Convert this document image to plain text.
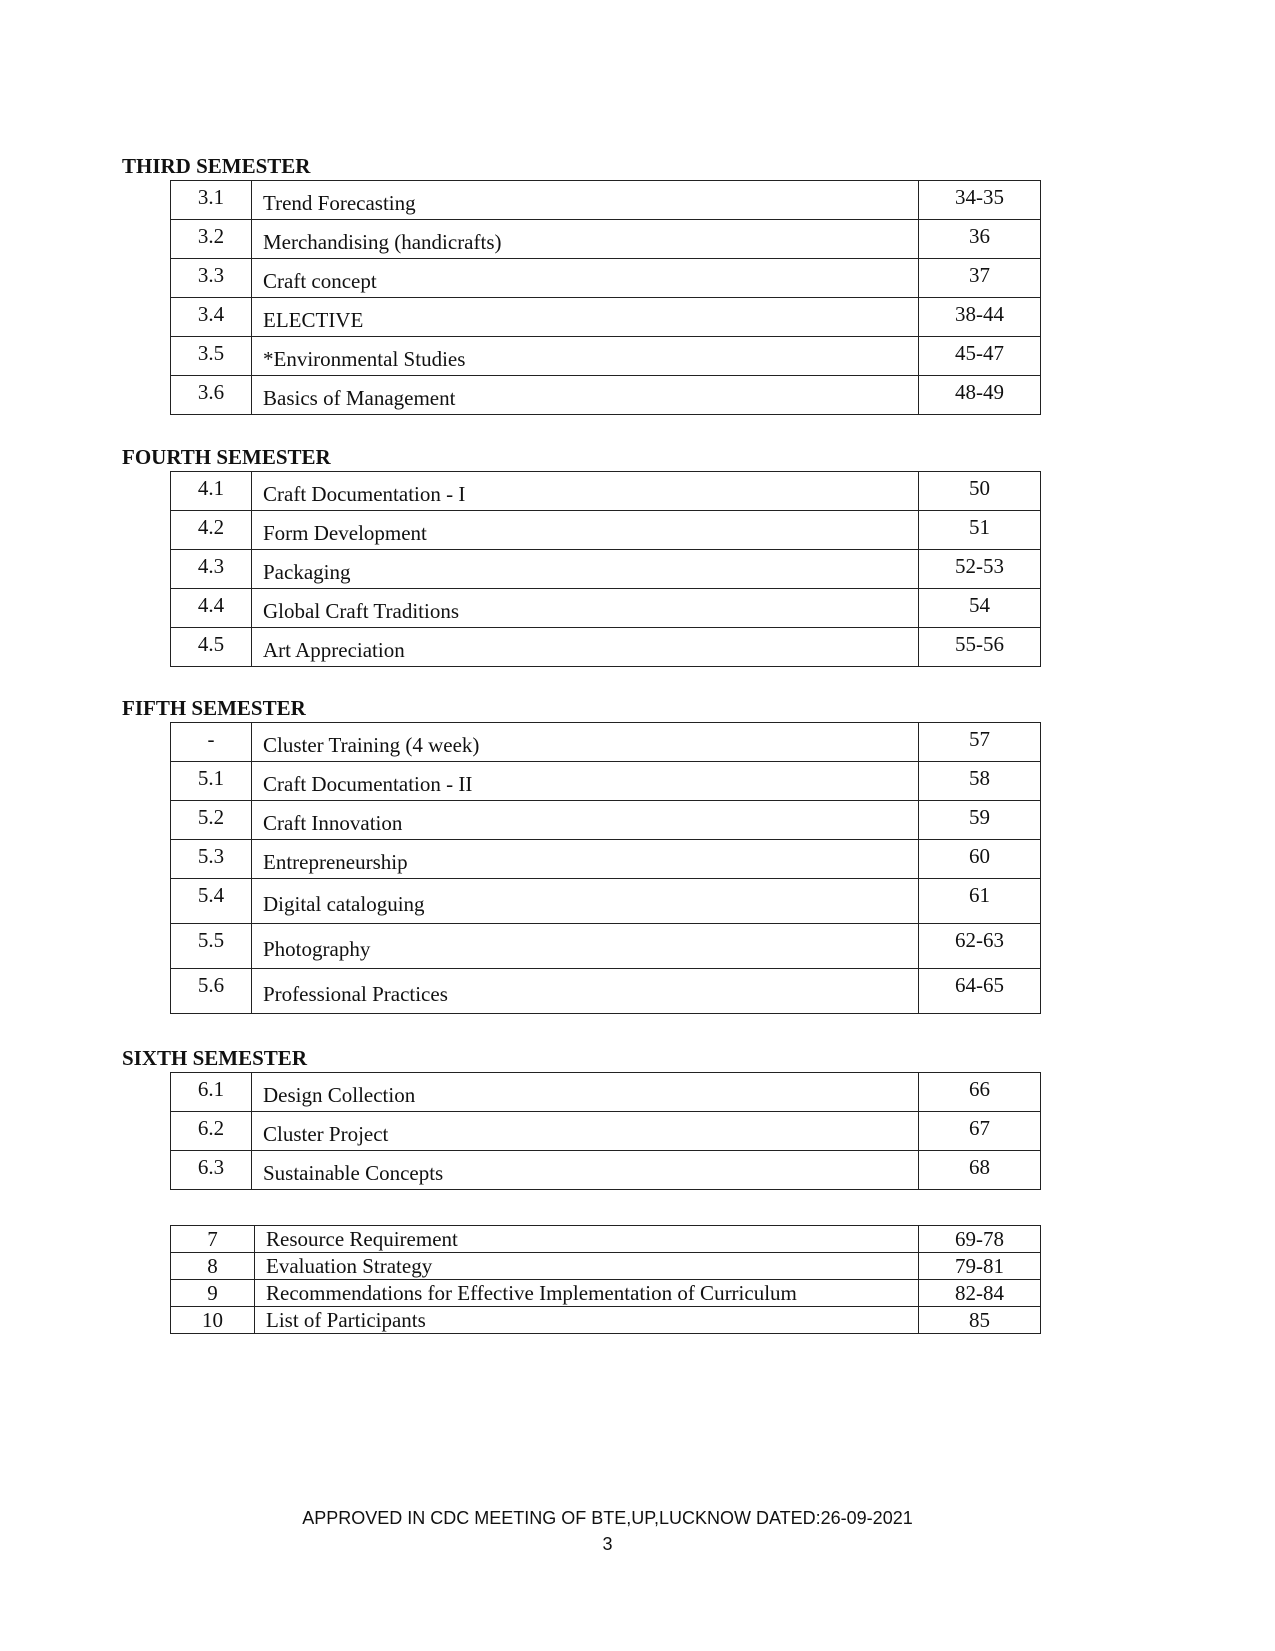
THIRD SEMESTER
3.1	Trend Forecasting	34-35
3.2	Merchandising (handicrafts)	36
3.3	Craft concept	37
3.4	ELECTIVE	38-44
3.5	*Environmental Studies	45-47
3.6	Basics of Management	48-49
FOURTH SEMESTER
4.1	Craft Documentation - I	50
4.2	Form Development	51
4.3	Packaging	52-53
4.4	Global Craft Traditions	54
4.5	Art Appreciation	55-56
FIFTH SEMESTER
-	Cluster Training (4 week)	57
5.1	Craft Documentation - II	58
5.2	Craft Innovation	59
5.3	Entrepreneurship	60
5.4	Digital cataloguing	61
5.5	Photography	62-63
5.6	Professional Practices	64-65
SIXTH SEMESTER
6.1	Design Collection	66
6.2	Cluster Project	67
6.3	Sustainable Concepts	68
7	Resource Requirement	69-78
8	Evaluation Strategy	79-81
9	Recommendations for Effective Implementation of Curriculum	82-84
10	List of Participants	85
APPROVED IN CDC MEETING OF BTE,UP,LUCKNOW DATED:26-09-2021
3
